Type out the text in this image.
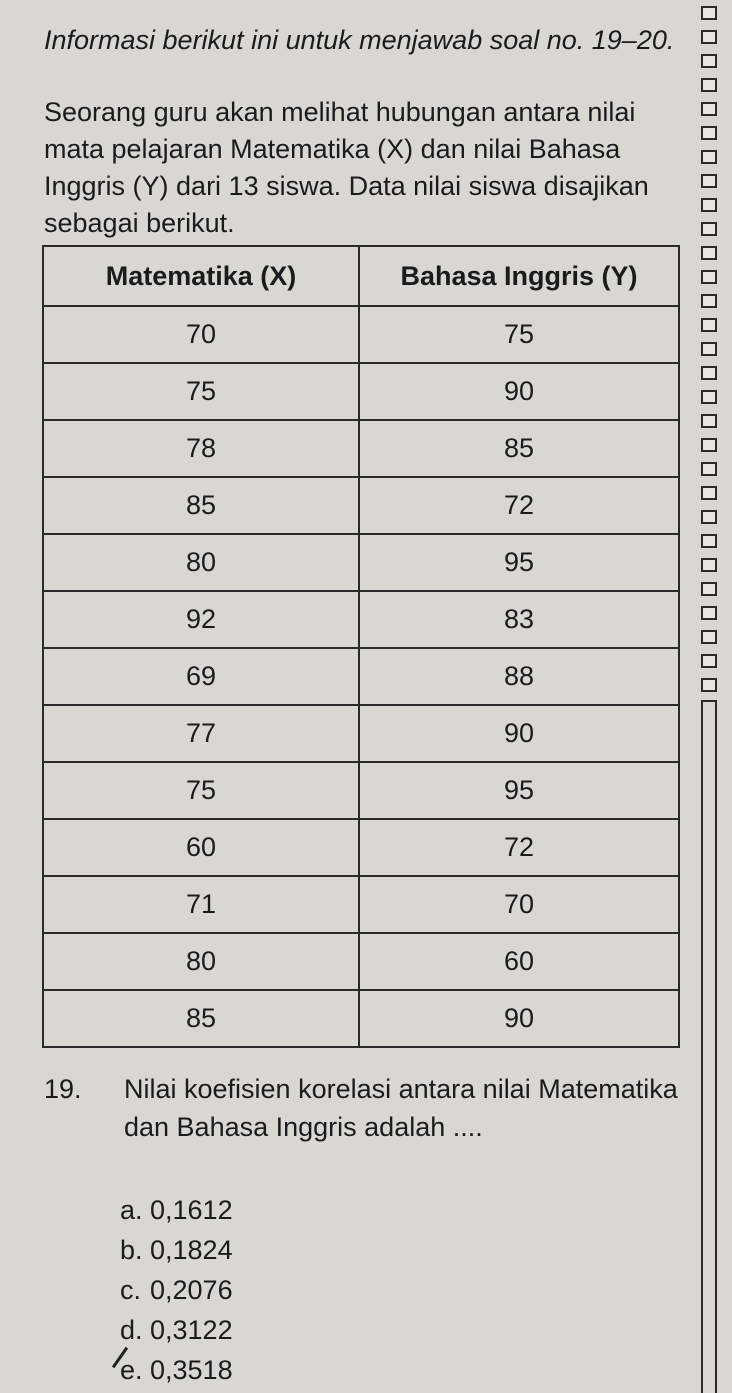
Informasi berikut ini untuk menjawab soal no. 19–20.
Seorang guru akan melihat hubungan antara nilai mata pelajaran Matematika (X) dan nilai Bahasa Inggris (Y) dari 13 siswa. Data nilai siswa disajikan sebagai berikut.
Matematika (X)	Bahasa Inggris (Y)
70	75
75	90
78	85
85	72
80	95
92	83
69	88
77	90
75	95
60	72
71	70
80	60
85	90
19. Nilai koefisien korelasi antara nilai Matematika dan Bahasa Inggris adalah ....
a. 0,1612
b. 0,1824
c. 0,2076
d. 0,3122
e. 0,3518
